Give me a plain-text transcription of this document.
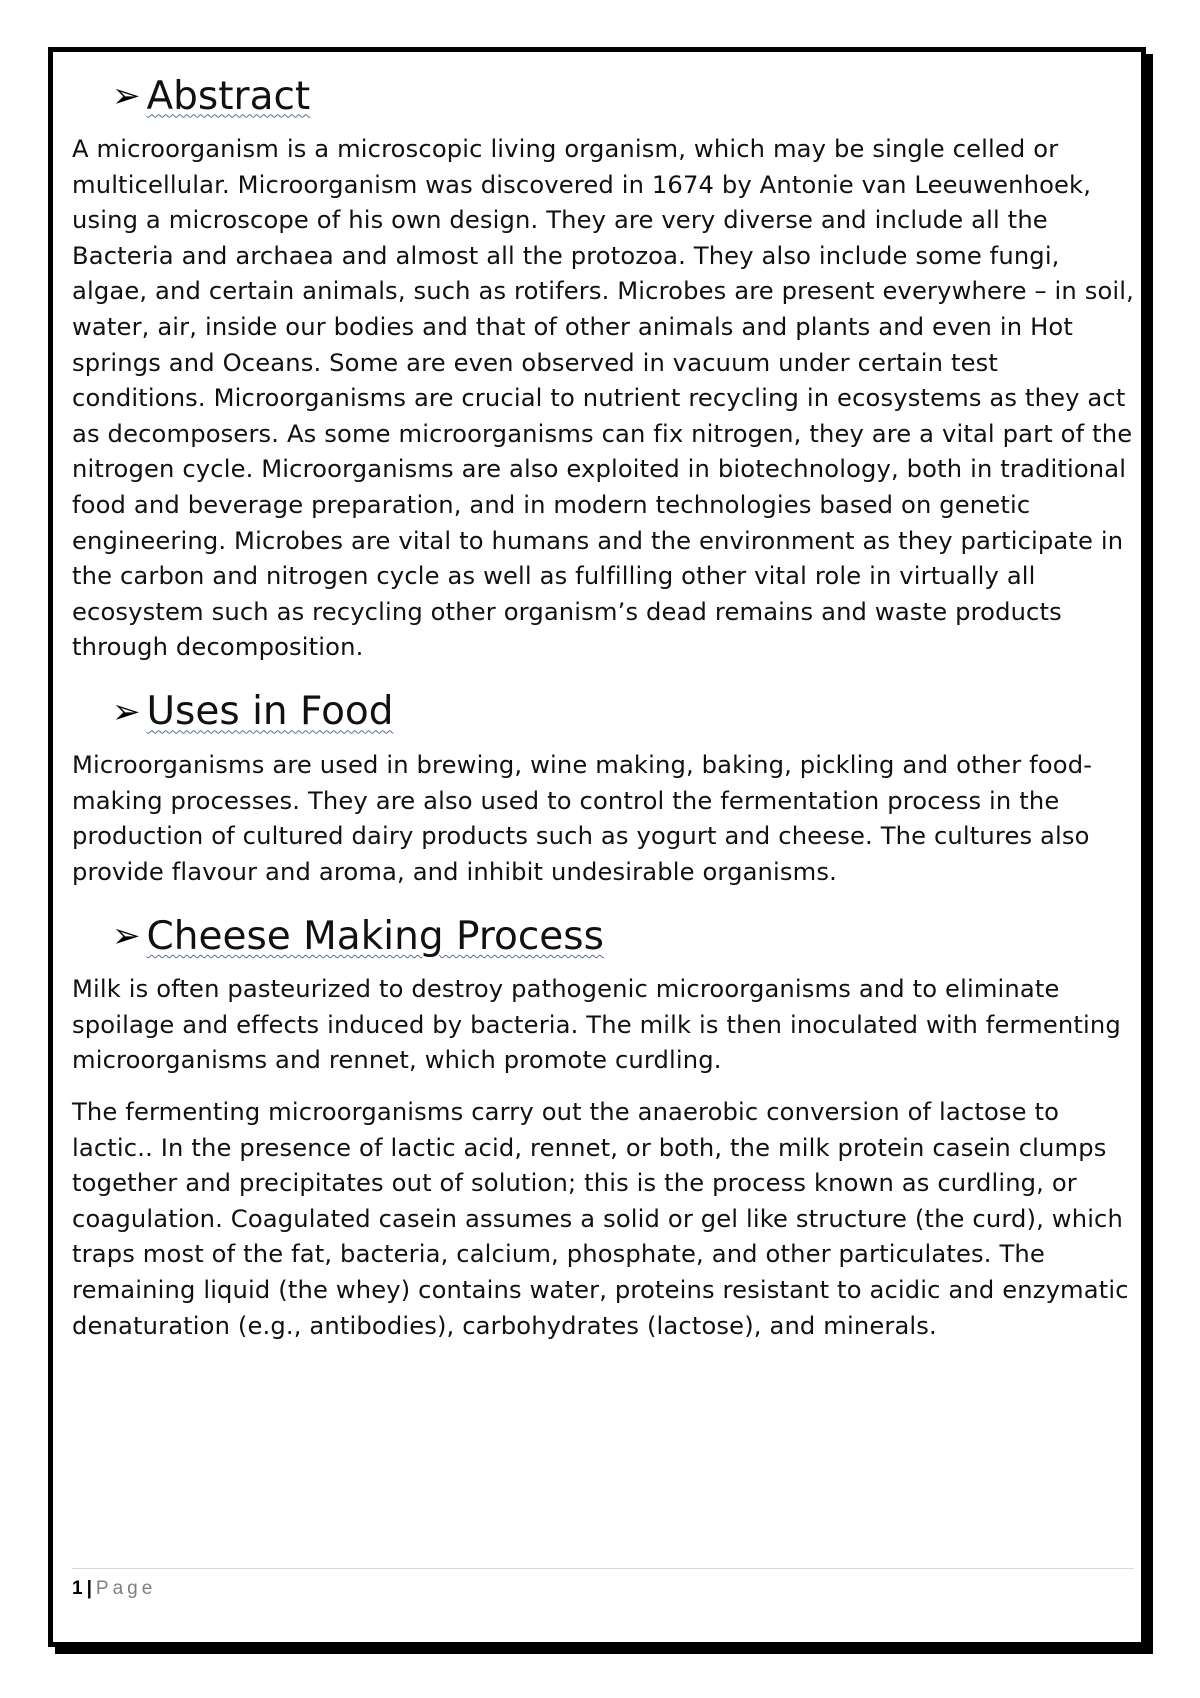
➢ Abstract

A microorganism is a microscopic living organism, which may be single celled or multicellular. Microorganism was discovered in 1674 by Antonie van Leeuwenhoek, using a microscope of his own design. They are very diverse and include all the Bacteria and archaea and almost all the protozoa. They also include some fungi, algae, and certain animals, such as rotifers. Microbes are present everywhere – in soil, water, air, inside our bodies and that of other animals and plants and even in Hot springs and Oceans. Some are even observed in vacuum under certain test conditions. Microorganisms are crucial to nutrient recycling in ecosystems as they act as decomposers. As some microorganisms can fix nitrogen, they are a vital part of the nitrogen cycle. Microorganisms are also exploited in biotechnology, both in traditional food and beverage preparation, and in modern technologies based on genetic engineering. Microbes are vital to humans and the environment as they participate in the carbon and nitrogen cycle as well as fulfilling other vital role in virtually all ecosystem such as recycling other organism’s dead remains and waste products through decomposition.

➢ Uses in Food

Microorganisms are used in brewing, wine making, baking, pickling and other food-making processes. They are also used to control the fermentation process in the production of cultured dairy products such as yogurt and cheese. The cultures also provide flavour and aroma, and inhibit undesirable organisms.

➢ Cheese Making Process

Milk is often pasteurized to destroy pathogenic microorganisms and to eliminate spoilage and effects induced by bacteria. The milk is then inoculated with fermenting microorganisms and rennet, which promote curdling.

The fermenting microorganisms carry out the anaerobic conversion of lactose to lactic.. In the presence of lactic acid, rennet, or both, the milk protein casein clumps together and precipitates out of solution; this is the process known as curdling, or coagulation. Coagulated casein assumes a solid or gel like structure (the curd), which traps most of the fat, bacteria, calcium, phosphate, and other particulates. The remaining liquid (the whey) contains water, proteins resistant to acidic and enzymatic denaturation (e.g., antibodies), carbohydrates (lactose), and minerals.

1 | Page
